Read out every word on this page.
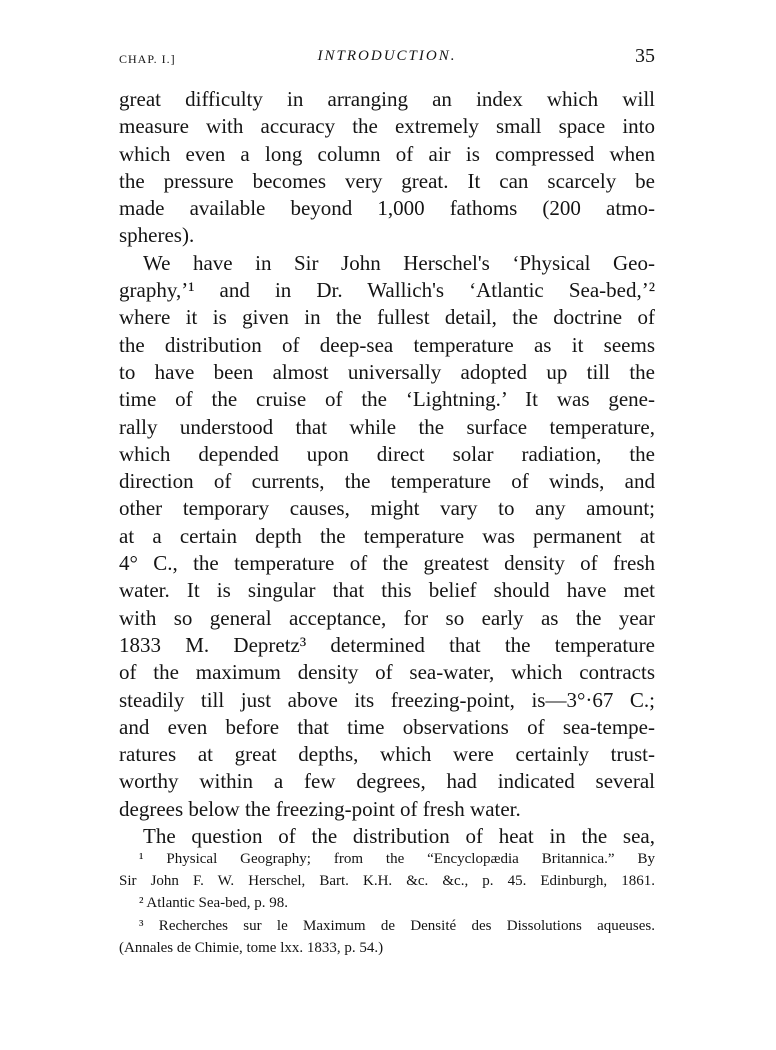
CHAP. I.]	INTRODUCTION.	35
great difficulty in arranging an index which will
measure with accuracy the extremely small space into
which even a long column of air is compressed when
the pressure becomes very great. It can scarcely be
made available beyond 1,000 fathoms (200 atmo-
spheres).
We have in Sir John Herschel's ‘Physical Geo-
graphy,’¹ and in Dr. Wallich's ‘Atlantic Sea-bed,’²
where it is given in the fullest detail, the doctrine of
the distribution of deep-sea temperature as it seems
to have been almost universally adopted up till the
time of the cruise of the ‘Lightning.’ It was gene-
rally understood that while the surface temperature,
which depended upon direct solar radiation, the
direction of currents, the temperature of winds, and
other temporary causes, might vary to any amount;
at a certain depth the temperature was permanent at
4° C., the temperature of the greatest density of fresh
water. It is singular that this belief should have met
with so general acceptance, for so early as the year
1833 M. Depretz³ determined that the temperature
of the maximum density of sea-water, which contracts
steadily till just above its freezing-point, is—3°·67 C.;
and even before that time observations of sea-tempe-
ratures at great depths, which were certainly trust-
worthy within a few degrees, had indicated several
degrees below the freezing-point of fresh water.
The question of the distribution of heat in the sea,
¹ Physical Geography; from the “Encyclopædia Britannica.” By
Sir John F. W. Herschel, Bart. K.H. &c. &c., p. 45. Edinburgh, 1861.
² Atlantic Sea-bed, p. 98.
³ Recherches sur le Maximum de Densité des Dissolutions aqueuses.
(Annales de Chimie, tome lxx. 1833, p. 54.)
